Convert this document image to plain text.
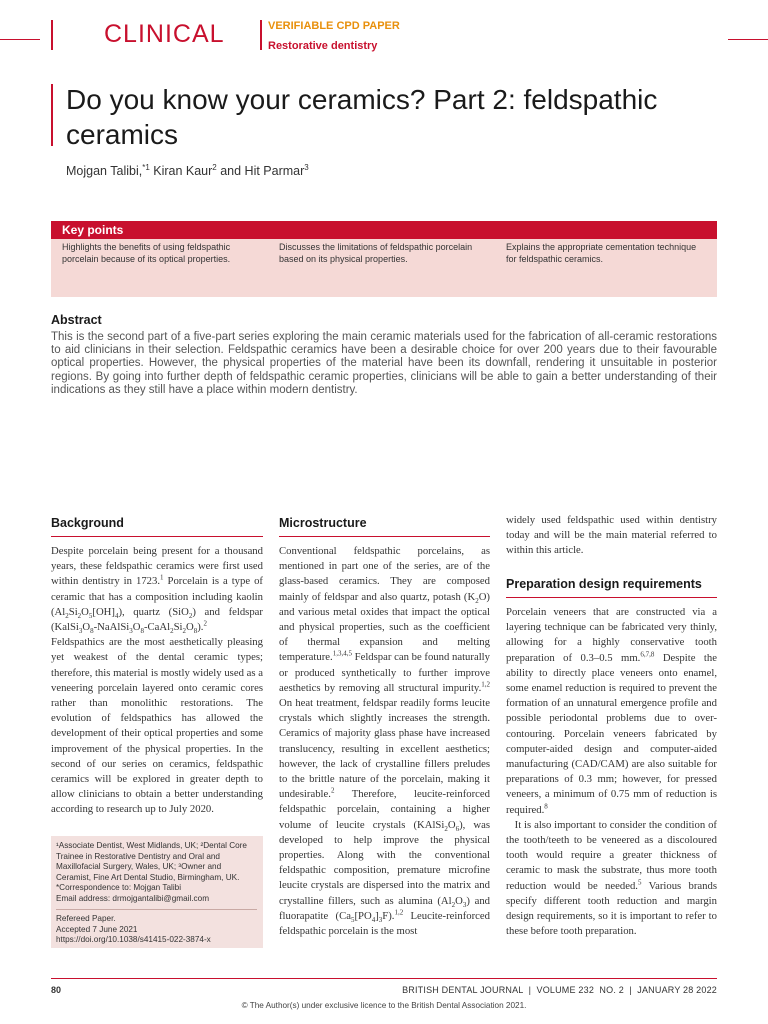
CLINICAL	VERIFIABLE CPD PAPER
Restorative dentistry
Do you know your ceramics? Part 2: feldspathic ceramics
Mojgan Talibi,$^{*1}$ Kiran Kaur$^2$ and Hit Parmar$^3$
Key points
Highlights the benefits of using feldspathic porcelain because of its optical properties.
Discusses the limitations of feldspathic porcelain based on its physical properties.
Explains the appropriate cementation technique for feldspathic ceramics.
Abstract

This is the second part of a five-part series exploring the main ceramic materials used for the fabrication of all-ceramic restorations to aid clinicians in their selection. Feldspathic ceramics have been a desirable choice for over 200 years due to their favourable optical properties. However, the physical properties of the material have been its downfall, rendering it unsuitable in posterior regions. By going into further depth of feldspathic ceramic properties, clinicians will be able to gain a better understanding of their indications as they still have a place within modern dentistry.

Background

Despite porcelain being present for a thousand years, these feldspathic ceramics were first used within dentistry in 1723.$^1$ Porcelain is a type of ceramic that has a composition including kaolin $(Al_2Si_2O_5[OH]_4)$, quartz (SiO$_2$) and feldspar $(KalSi_3O_8-NaAlSi_3O_8-CaAl_2Si_2O_8).^2$ Feldspathics are the most aesthetically pleasing yet weakest of the dental ceramic types; therefore, this material is mostly widely used as a veneering porcelain layered onto ceramic cores rather than monolithic restorations. The evolution of feldspathics has allowed the development of their optical properties and some improvement of the physical properties. In the second of our series on ceramics, feldspathic ceramics will be explored in greater depth to allow clinicians to obtain a better understanding according to research up to July 2020.

¹Associate Dentist, West Midlands, UK; ²Dental Core Trainee in Restorative Dentistry and Oral and Maxillofacial Surgery, Wales, UK; ³Owner and Ceramist, Fine Art Dental Studio, Birmingham, UK.

*Correspondence to: Mojgan Talibi

Email address: drmojgantalibi@gmail.com

Refereed Paper.

Accepted 7 June 2021

https://doi.org/10.1038/s41415-022-3874-x

Microstructure

Conventional feldspathic porcelains, as mentioned in part one of the series, are of the glass-based ceramics. They are composed mainly of feldspar and also quartz, potash $(K_2O)$ and various metal oxides that impact the optical and physical properties, such as the coefficient of thermal expansion and melting temperature.$^{1,3,4,5}$ Feldspar can be found naturally or produced synthetically to further improve aesthetics by removing all structural impurity.$^{1,2}$ On heat treatment, feldspar readily forms leucite crystals which slightly increases the strength. Ceramics of majority glass phase have increased translucency, resulting in excellent aesthetics; however, the lack of crystalline fillers preludes to the brittle nature of the porcelain, making it undesirable.$^2$ Therefore, leucite-reinforced feldspathic porcelain, containing a higher volume of leucite crystals $(KAlSi_2O_6)$, was developed to help improve the physical properties. Along with the conventional feldspathic composition, premature microfine leucite crystals are dispersed into the matrix and crystalline fillers, such as alumina $(Al_2O_3)$ and fluorapatite $(Ca_5[PO_4]_3F).^{1,2}$ Leucite-reinforced feldspathic porcelain is the most

widely used feldspathic used within dentistry today and will be the main material referred to within this article.

Preparation design requirements

Porcelain veneers that are constructed via a layering technique can be fabricated very thinly, allowing for a highly conservative tooth preparation of 0.3–0.5 mm.$^{6,7,8}$ Despite the ability to directly place veneers onto enamel, some enamel reduction is required to prevent the formation of an unnatural emergence profile and possible periodontal problems due to over-contouring. Porcelain veneers fabricated by computer-aided design and computer-aided manufacturing (CAD/CAM) are also suitable for preparations of 0.3 mm; however, for pressed veneers, a minimum of 0.75 mm of reduction is required.$^8$
It is also important to consider the condition of the tooth/teeth to be veneered as a discoloured tooth would require a greater thickness of ceramic to mask the substrate, thus more tooth reduction would be needed.$^5$ Various brands specify different tooth reduction and margin design requirements, so it is important to refer to these before tooth preparation.

80	BRITISH DENTAL JOURNAL  |  VOLUME 232  NO. 2  |  JANUARY 28 2022
© The Author(s) under exclusive licence to the British Dental Association 2021.
